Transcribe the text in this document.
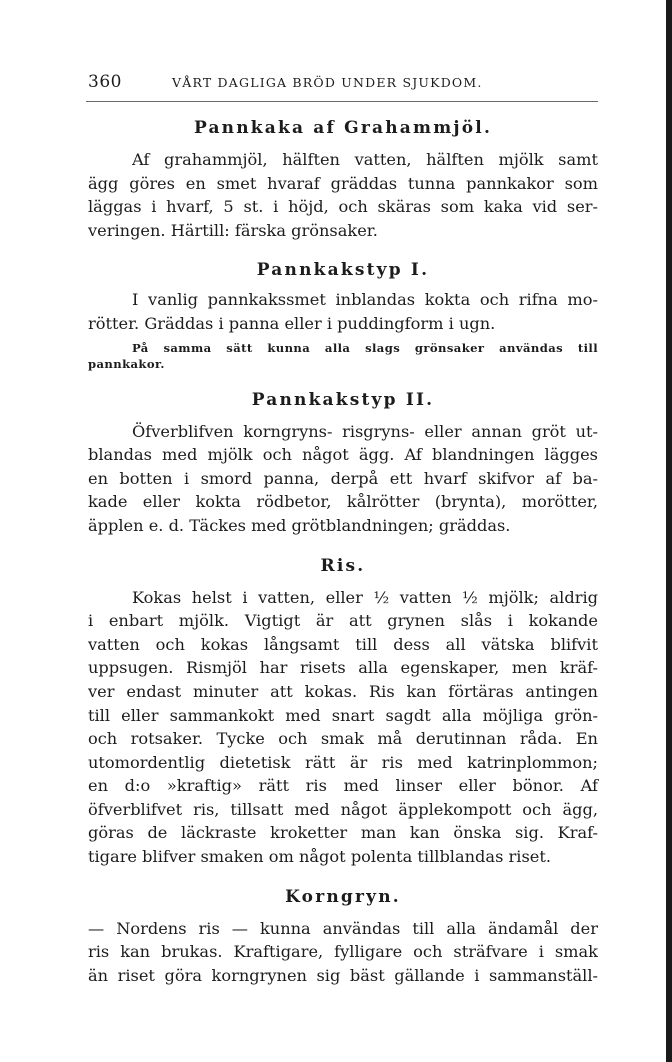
360	VÅRT DAGLIGA BRÖD UNDER SJUKDOM.
Pannkaka af Grahammjöl.

Af grahammjöl, hälften vatten, hälften mjölk samt
ägg göres en smet hvaraf gräddas tunna pannkakor som
läggas i hvarf, 5 st. i höjd, och skäras som kaka vid ser-
veringen. Härtill: färska grönsaker.

Pannkakstyp I.

I vanlig pannkakssmet inblandas kokta och rifna mo-
rötter. Gräddas i panna eller i puddingform i ugn.

På samma sätt kunna alla slags grönsaker användas till
pannkakor.

Pannkakstyp II.

Öfverblifven korngryns- risgryns- eller annan gröt ut-
blandas med mjölk och något ägg. Af blandningen lägges
en botten i smord panna, derpå ett hvarf skifvor af ba-
kade eller kokta rödbetor, kålrötter (brynta), morötter,
äpplen e. d. Täckes med grötblandningen; gräddas.

Ris.

Kokas helst i vatten, eller ½ vatten ½ mjölk; aldrig
i enbart mjölk. Vigtigt är att grynen slås i kokande
vatten och kokas långsamt till dess all vätska blifvit
uppsugen. Rismjöl har risets alla egenskaper, men kräf-
ver endast minuter att kokas. Ris kan förtäras antingen
till eller sammankokt med snart sagdt alla möjliga grön-
och rotsaker. Tycke och smak må derutinnan råda. En
utomordentlig dietetisk rätt är ris med katrinplommon;
en d:o »kraftig» rätt ris med linser eller bönor. Af
öfverblifvet ris, tillsatt med något äpplekompott och ägg,
göras de läckraste kroketter man kan önska sig. Kraf-
tigare blifver smaken om något polenta tillblandas riset.

Korngryn.

— Nordens ris — kunna användas till alla ändamål der
ris kan brukas. Kraftigare, fylligare och sträfvare i smak
än riset göra korngrynen sig bäst gällande i sammanställ-
